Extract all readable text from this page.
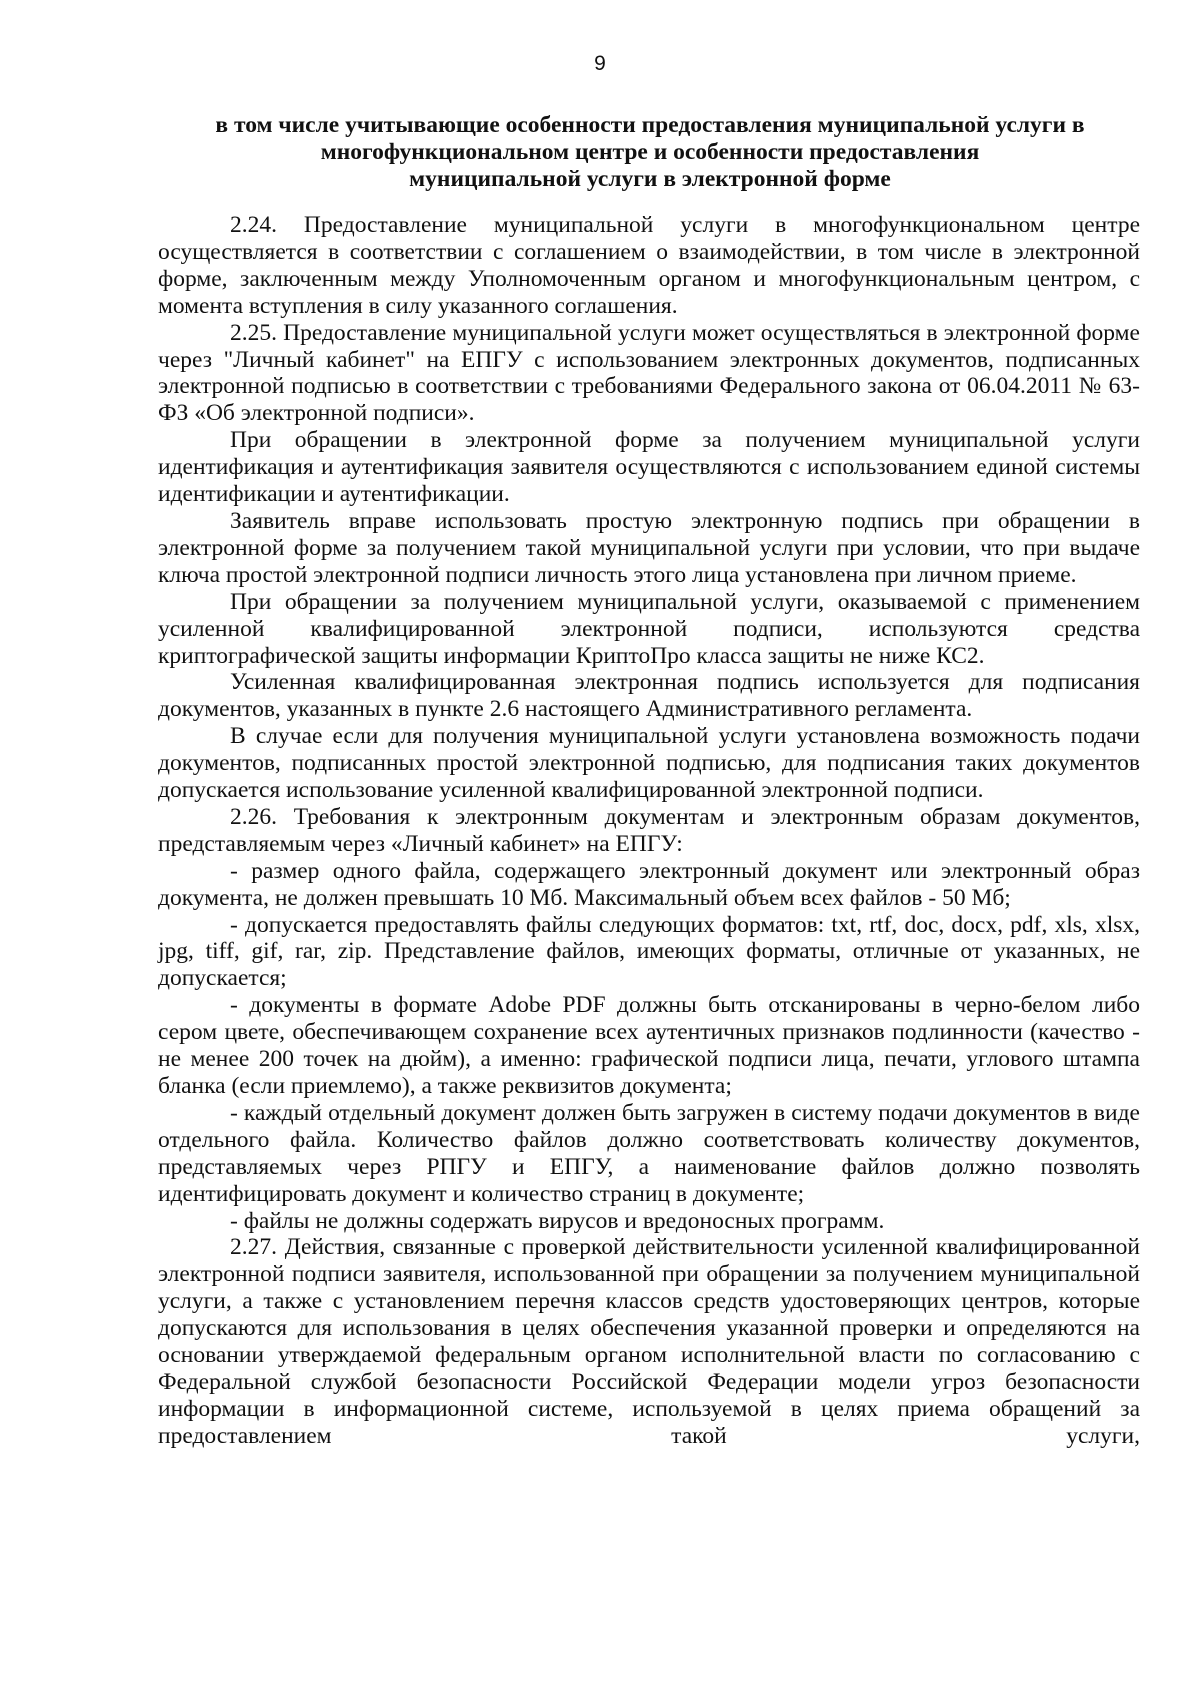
9
в том числе учитывающие особенности предоставления муниципальной услуги в
многофункциональном центре и особенности предоставления
муниципальной услуги в электронной форме

2.24. Предоставление муниципальной услуги в многофункциональном центре осуществляется в соответствии с соглашением о взаимодействии, в том числе в электронной форме, заключенным между Уполномоченным органом и многофункциональным центром, с момента вступления в силу указанного соглашения.

2.25. Предоставление муниципальной услуги может осуществляться в электронной форме через "Личный кабинет" на ЕПГУ с использованием электронных документов, подписанных электронной подписью в соответствии с требованиями Федерального закона от 06.04.2011 № 63-ФЗ «Об электронной подписи».

При обращении в электронной форме за получением муниципальной услуги идентификация и аутентификация заявителя осуществляются с использованием единой системы идентификации и аутентификации.

Заявитель вправе использовать простую электронную подпись при обращении в электронной форме за получением такой муниципальной услуги при условии, что при выдаче ключа простой электронной подписи личность этого лица установлена при личном приеме.

При обращении за получением муниципальной услуги, оказываемой с применением усиленной квалифицированной электронной подписи, используются средства криптографической защиты информации КриптоПро класса защиты не ниже КС2.

Усиленная квалифицированная электронная подпись используется для подписания документов, указанных в пункте 2.6 настоящего Административного регламента.

В случае если для получения муниципальной услуги установлена возможность подачи документов, подписанных простой электронной подписью, для подписания таких документов допускается использование усиленной квалифицированной электронной подписи.

2.26. Требования к электронным документам и электронным образам документов, представляемым через «Личный кабинет» на ЕПГУ:

- размер одного файла, содержащего электронный документ или электронный образ документа, не должен превышать 10 Мб. Максимальный объем всех файлов - 50 Мб;

- допускается предоставлять файлы следующих форматов: txt, rtf, doc, docx, pdf, xls, xlsx, jpg, tiff, gif, rar, zip. Представление файлов, имеющих форматы, отличные от указанных, не допускается;

- документы в формате Adobe PDF должны быть отсканированы в черно-белом либо сером цвете, обеспечивающем сохранение всех аутентичных признаков подлинности (качество - не менее 200 точек на дюйм), а именно: графической подписи лица, печати, углового штампа бланка (если приемлемо), а также реквизитов документа;

- каждый отдельный документ должен быть загружен в систему подачи документов в виде отдельного файла. Количество файлов должно соответствовать количеству документов, представляемых через РПГУ и ЕПГУ, а наименование файлов должно позволять идентифицировать документ и количество страниц в документе;

- файлы не должны содержать вирусов и вредоносных программ.

2.27. Действия, связанные с проверкой действительности усиленной квалифицированной электронной подписи заявителя, использованной при обращении за получением муниципальной услуги, а также с установлением перечня классов средств удостоверяющих центров, которые допускаются для использования в целях обеспечения указанной проверки и определяются на основании утверждаемой федеральным органом исполнительной власти по согласованию с Федеральной службой безопасности Российской Федерации модели угроз безопасности информации в информационной системе, используемой в целях приема обращений за предоставлением такой услуги,
